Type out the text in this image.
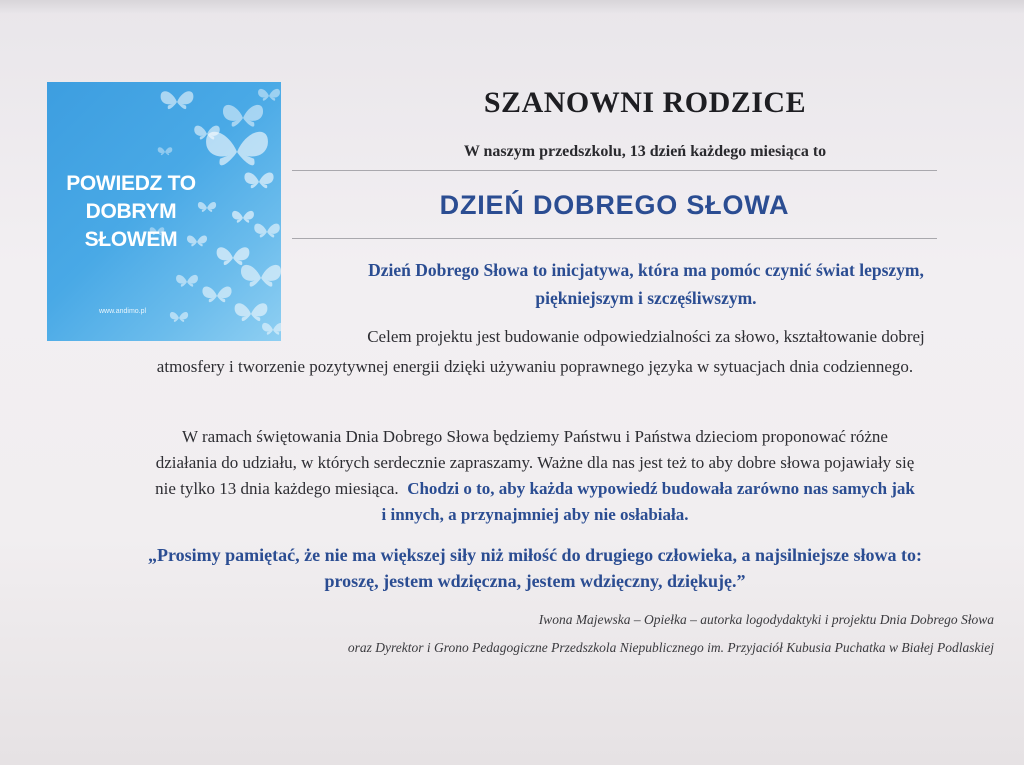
POWIEDZ TO
DOBRYM
SŁOWEM
www.andimo.pl
SZANOWNI RODZICE
W naszym przedszkolu, 13 dzień każdego miesiąca to
DZIEŃ DOBREGO SŁOWA
Dzień Dobrego Słowa to inicjatywa, która ma pomóc czynić świat lepszym,
piękniejszym i szczęśliwszym.
Celem projektu jest budowanie odpowiedzialności za słowo, kształtowanie dobrej
atmosfery i tworzenie pozytywnej energii dzięki używaniu poprawnego języka w sytuacjach dnia codziennego.
W ramach świętowania Dnia Dobrego Słowa będziemy Państwu i Państwa dzieciom proponować różne
działania do udziału, w których serdecznie zapraszamy. Ważne dla nas jest też to aby dobre słowa pojawiały się
nie tylko 13 dnia każdego miesiąca. Chodzi o to, aby każda wypowiedź budowała zarówno nas samych jak
i innych, a przynajmniej aby nie osłabiała.
„Prosimy pamiętać, że nie ma większej siły niż miłość do drugiego człowieka, a najsilniejsze słowa to:
proszę, jestem wdzięczna, jestem wdzięczny, dziękuję.”
Iwona Majewska – Opiełka – autorka logodydaktyki i projektu Dnia Dobrego Słowa
oraz Dyrektor i Grono Pedagogiczne Przedszkola Niepublicznego im. Przyjaciół Kubusia Puchatka w Białej Podlaskiej
